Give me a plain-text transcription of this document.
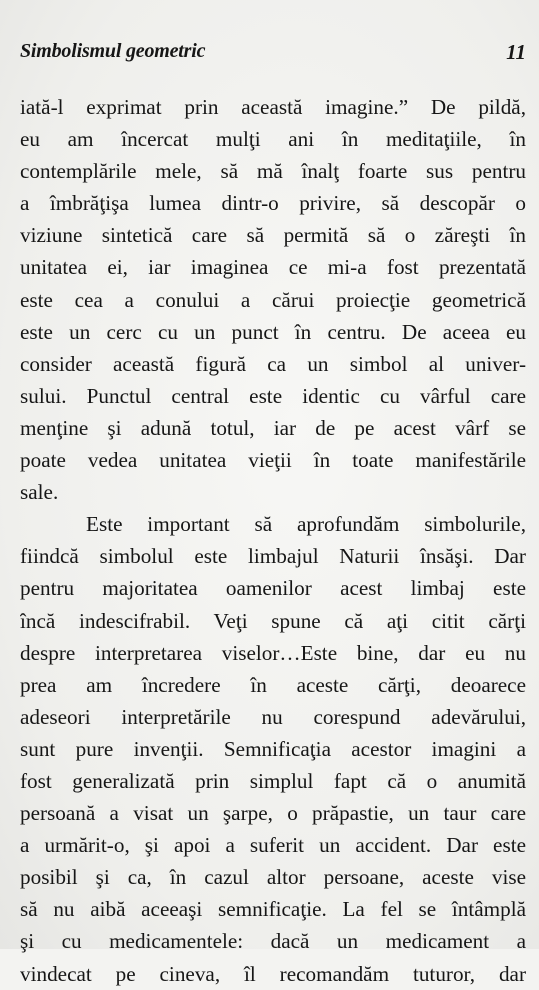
Simbolismul geometric	11
iată-l exprimat prin această imagine.” De pildă,
eu am încercat mulţi ani în meditaţiile, în
contemplările mele, să mă înalţ foarte sus pentru
a îmbrăţişa lumea dintr-o privire, să descopăr o
viziune sintetică care să permită să o zăreşti în
unitatea ei, iar imaginea ce mi-a fost prezentată
este cea a conului a cărui proiecţie geometrică
este un cerc cu un punct în centru. De aceea eu
consider această figură ca un simbol al univer-
sului. Punctul central este identic cu vârful care
menţine şi adună totul, iar de pe acest vârf se
poate vedea unitatea vieţii în toate manifestările
sale.
Este important să aprofundăm simbolurile,
fiindcă simbolul este limbajul Naturii însăşi. Dar
pentru majoritatea oamenilor acest limbaj este
încă indescifrabil. Veţi spune că aţi citit cărţi
despre interpretarea viselor…Este bine, dar eu nu
prea am încredere în aceste cărţi, deoarece
adeseori interpretările nu corespund adevărului,
sunt pure invenţii. Semnificaţia acestor imagini a
fost generalizată prin simplul fapt că o anumită
persoană a visat un şarpe, o prăpastie, un taur care
a urmărit-o, şi apoi a suferit un accident. Dar este
posibil şi ca, în cazul altor persoane, aceste vise
să nu aibă aceeaşi semnificaţie. La fel se întâmplă
şi cu medicamentele: dacă un medicament a
vindecat pe cineva, îl recomandăm tuturor, dar
